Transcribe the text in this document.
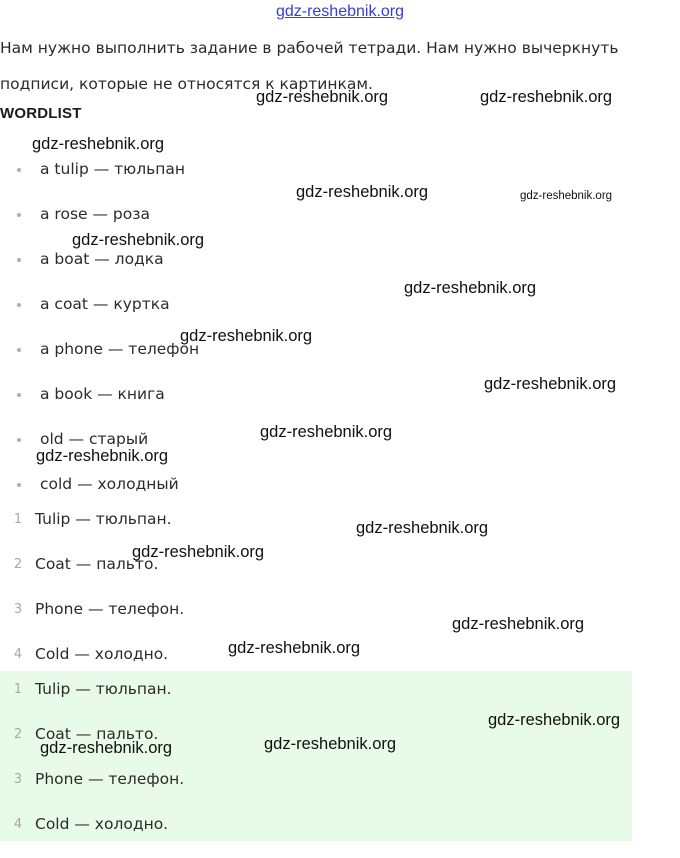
gdz-reshebnik.org
Нам нужно выполнить задание в рабочей тетради. Нам нужно вычеркнуть подписи, которые не относятся к картинкам.
WORDLIST
a tulip — тюльпан
a rose — роза
a boat — лодка
a coat — куртка
a phone — телефон
a book — книга
old — старый
cold — холодный
1 Tulip — тюльпан.
2 Coat — пальто.
3 Phone — телефон.
4 Cold — холодно.
1 Tulip — тюльпан.
2 Coat — пальто.
3 Phone — телефон.
4 Cold — холодно.
gdz-reshebnik.org	gdz-reshebnik.org
gdz-reshebnik.org
gdz-reshebnik.org	gdz-reshebnik.org
gdz-reshebnik.org
gdz-reshebnik.org
gdz-reshebnik.org
gdz-reshebnik.org
gdz-reshebnik.org
gdz-reshebnik.org
gdz-reshebnik.org
gdz-reshebnik.org
gdz-reshebnik.org
gdz-reshebnik.org
gdz-reshebnik.org
gdz-reshebnik.org
gdz-reshebnik.org
